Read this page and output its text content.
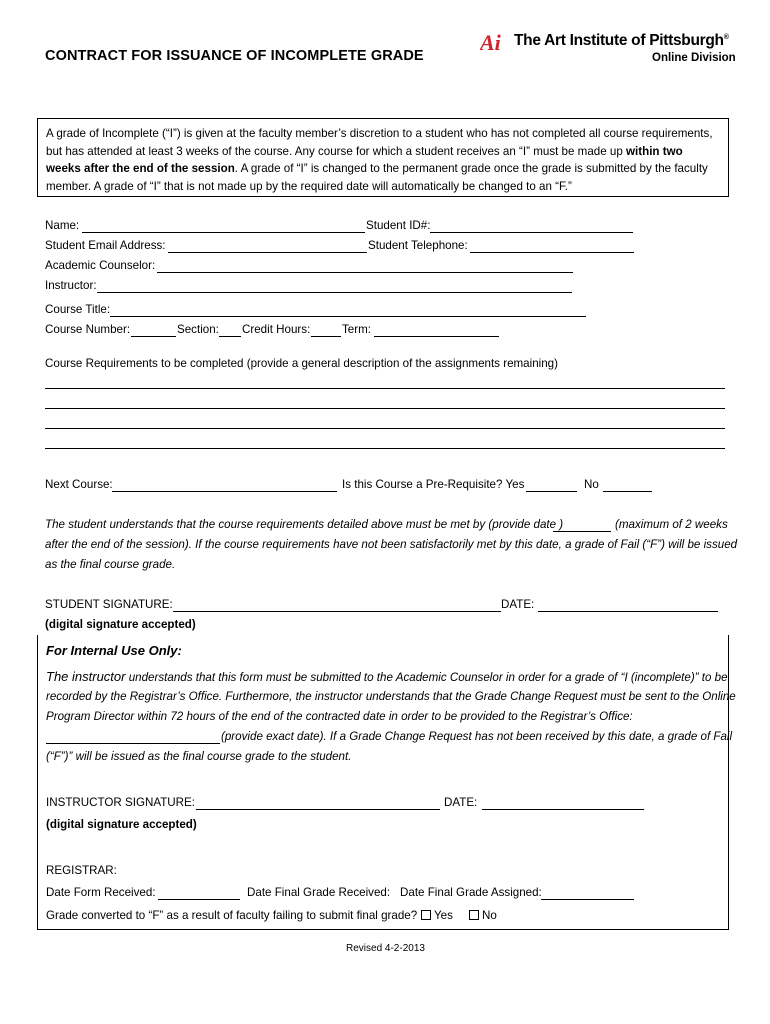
CONTRACT FOR ISSUANCE OF INCOMPLETE GRADE
Ai The Art Institute of Pittsburgh®
Online Division

A grade of Incomplete (“I”) is given at the faculty member’s discretion to a student who has not completed all course requirements, but has attended at least 3 weeks of the course. Any course for which a student receives an “I” must be made up within two weeks after the end of the session. A grade of “I” is changed to the permanent grade once the grade is submitted by the faculty member. A grade of “I” that is not made up by the required date will automatically be changed to an “F.”

Name:	Student ID#:
Student Email Address:	Student Telephone:
Academic Counselor:
Instructor:
Course Title:
Course Number:	Section: Credit Hours:	Term:
Course Requirements to be completed (provide a general description of the assignments remaining)
Next Course:	Is this Course a Pre-Requisite? Yes	No
The student understands that the course requirements detailed above must be met by (provide date )	(maximum of 2 weeks
after the end of the session). If the course requirements have not been satisfactorily met by this date, a grade of Fail (“F”) will be issued
as the final course grade.
STUDENT SIGNATURE:	DATE:
(digital signature accepted)
For Internal Use Only:
The instructor understands that this form must be submitted to the Academic Counselor in order for a grade of “I (incomplete)” to be
recorded by the Registrar’s Office. Furthermore, the instructor understands that the Grade Change Request must be sent to the Online
Program Director within 72 hours of the end of the contracted date in order to be provided to the Registrar’s Office:
(provide exact date). If a Grade Change Request has not been received by this date, a grade of Fail
(“F”)” will be issued as the final course grade to the student.
INSTRUCTOR SIGNATURE:	DATE:
(digital signature accepted)
REGISTRAR:
Date Form Received:	Date Final Grade Received: Date Final Grade Assigned:
Grade converted to “F” as a result of faculty failing to submit final grade?	Yes	No
Revised 4-2-2013
